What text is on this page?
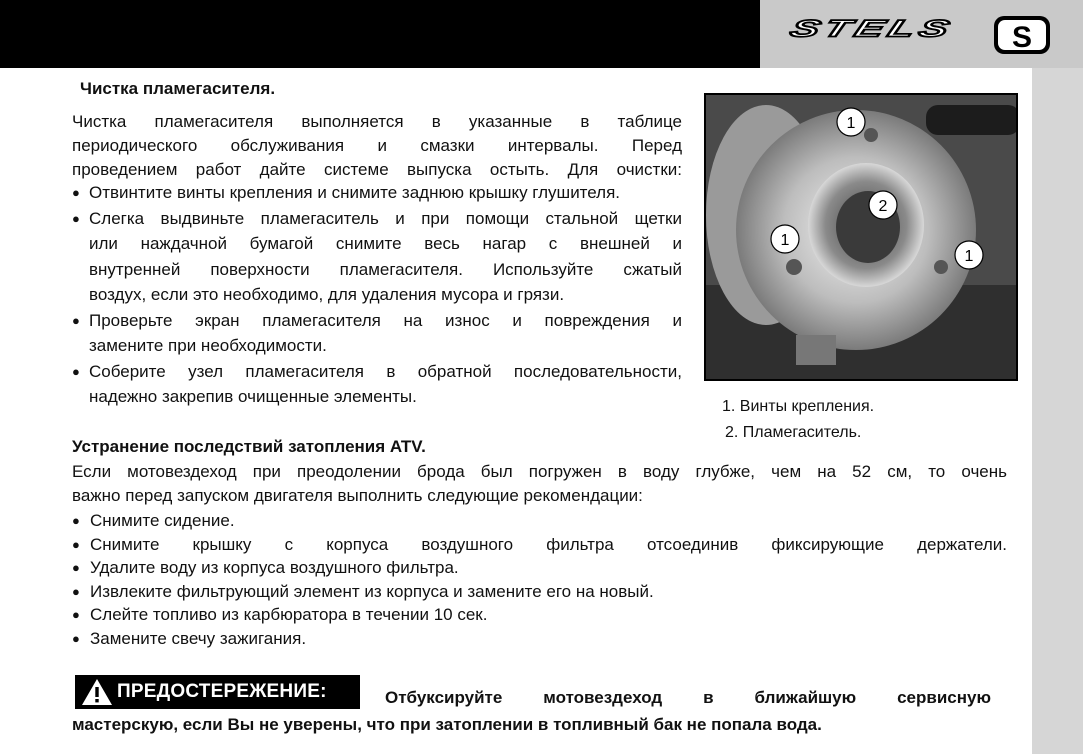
STELS S
Чистка пламегасителя.
Чистка пламегасителя выполняется в указанные в таблице
периодического обслуживания и смазки интервалы. Перед
проведением работ дайте системе выпуска остыть. Для очистки:
● Отвинтите винты крепления и снимите заднюю крышку глушителя.
● Слегка выдвиньте пламегаситель и при помощи стальной щетки
или наждачной бумагой снимите весь нагар с внешней и
внутренней поверхности пламегасителя. Используйте сжатый
воздух, если это необходимо, для удаления мусора и грязи.
● Проверьте экран пламегасителя на износ и повреждения и
замените при необходимости.
● Соберите узел пламегасителя в обратной последовательности,
надежно закрепив очищенные элементы.
1
2
1
1
1. Винты крепления.
2. Пламегаситель.
Устранение последствий затопления ATV.
Если мотовездеход при преодолении брода был погружен в воду глубже, чем на 52 см, то очень
важно перед запуском двигателя выполнить следующие рекомендации:
● Снимите сидение.
● Снимите крышку с корпуса воздушного фильтра отсоединив фиксирующие держатели.
● Удалите воду из корпуса воздушного фильтра.
● Извлеките фильтрующий элемент из корпуса и замените его на новый.
● Слейте топливо из карбюратора в течении 10 сек.
● Замените свечу зажигания.
ПРЕДОСТЕРЕЖЕНИЕ:	Отбуксируйте мотовездеход в ближайшую сервисную
мастерскую, если Вы не уверены, что при затоплении в топливный бак не попала вода.
